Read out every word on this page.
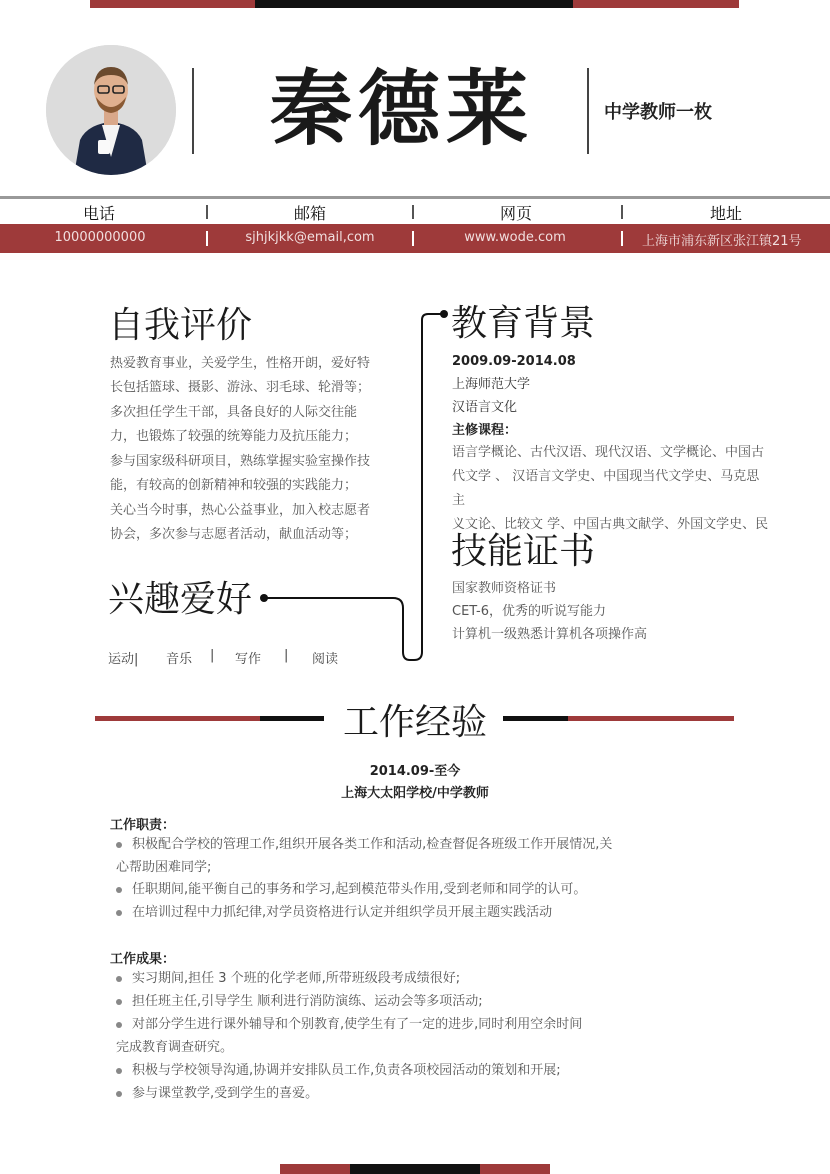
秦德莱	中学教师一枚
电话	邮箱	网页	地址
10000000000	sjhjkjkk@email,com	www.wode.com	上海市浦东新区张江镇21号
自我评价
热爱教育事业，关爱学生，性格开朗，爱好特
长包括篮球、摄影、游泳、羽毛球、轮滑等；
多次担任学生干部，具备良好的人际交往能
力，也锻炼了较强的统筹能力及抗压能力；
参与国家级科研项目，熟练掌握实验室操作技
能，有较高的创新精神和较强的实践能力；
关心当今时事，热心公益事业，加入校志愿者
协会，多次参与志愿者活动，献血活动等；
兴趣爱好
运动| 音乐 | 写作 | 阅读
教育背景
2009.09-2014.08
上海师范大学
汉语言文化
主修课程：
语言学概论、古代汉语、现代汉语、文学概论、中国古
代文学 、 汉语言文学史、中国现当代文学史、马克思主
义文论、比较文 学、中国古典文献学、外国文学史、民
技能证书
国家教师资格证书
CET-6，优秀的听说写能力
计算机一级熟悉计算机各项操作高
工作经验
2014.09-至今
上海大太阳学校/中学教师
工作职责：
积极配合学校的管理工作,组织开展各类工作和活动,检查督促各班级工作开展情况,关
心帮助困难同学;
任职期间,能平衡自己的事务和学习,起到模范带头作用,受到老师和同学的认可。
在培训过程中力抓纪律,对学员资格进行认定并组织学员开展主题实践活动
工作成果：
实习期间,担任 3 个班的化学老师,所带班级段考成绩很好;
担任班主任,引导学生 顺利进行消防演练、运动会等多项活动;
对部分学生进行课外辅导和个别教育,使学生有了一定的进步,同时利用空余时间
完成教育调查研究。
积极与学校领导沟通,协调并安排队员工作,负责各项校园活动的策划和开展;
参与课堂教学,受到学生的喜爱。
